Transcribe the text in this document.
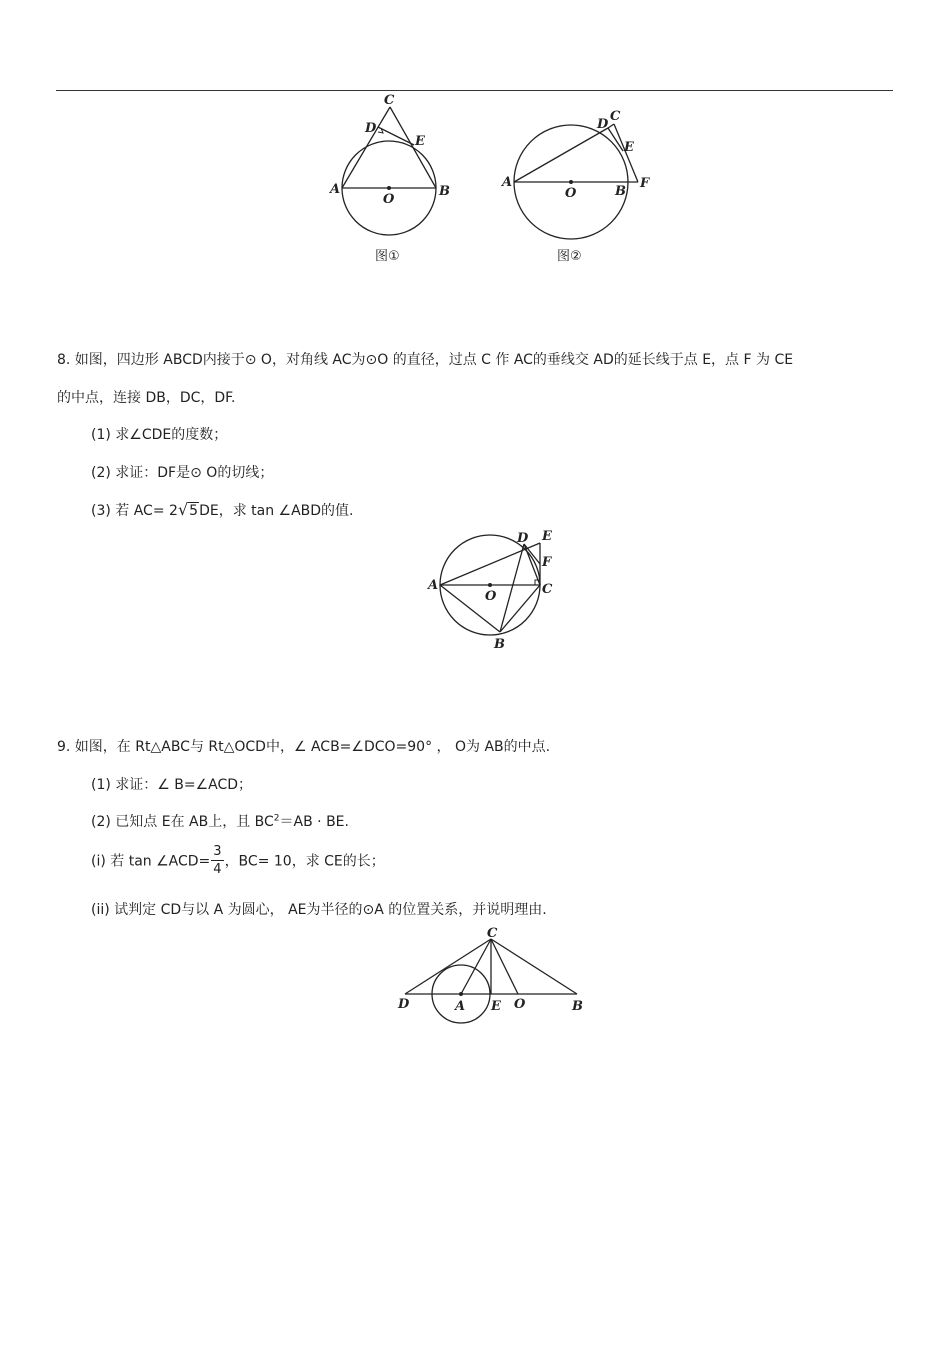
C
D
E
A	B
O
图①
D
C
E
A
B
F
O
图②
8. 如图，四边形 ABCD内接于⊙ O，对角线 AC为⊙O 的直径，过点 C 作 AC的垂线交 AD的延长线于点 E，点 F 为 CE
的中点，连接 DB，DC，DF.
(1) 求∠CDE的度数；
(2) 求证：DF是⊙ O的切线；
(3) 若 AC= 2√5DE，求 tan ∠ABD的值.
D E
F
A	C
O
B
9. 如图，在 Rt△ABC与 Rt△OCD中，∠ ACB=∠DCO=90° ， O为 AB的中点.
(1) 求证：∠ B=∠ACD；
(2) 已知点 E在 AB上，且 $BC^2=AB$ · BE.
(i) 若 tan ∠ACD= $\frac{3}{4}$ ，BC= 10，求 CE的长；
(ii) 试判定 CD与以 A 为圆心， AE为半径的⊙A 的位置关系，并说明理由.
C
D	A E O	B
